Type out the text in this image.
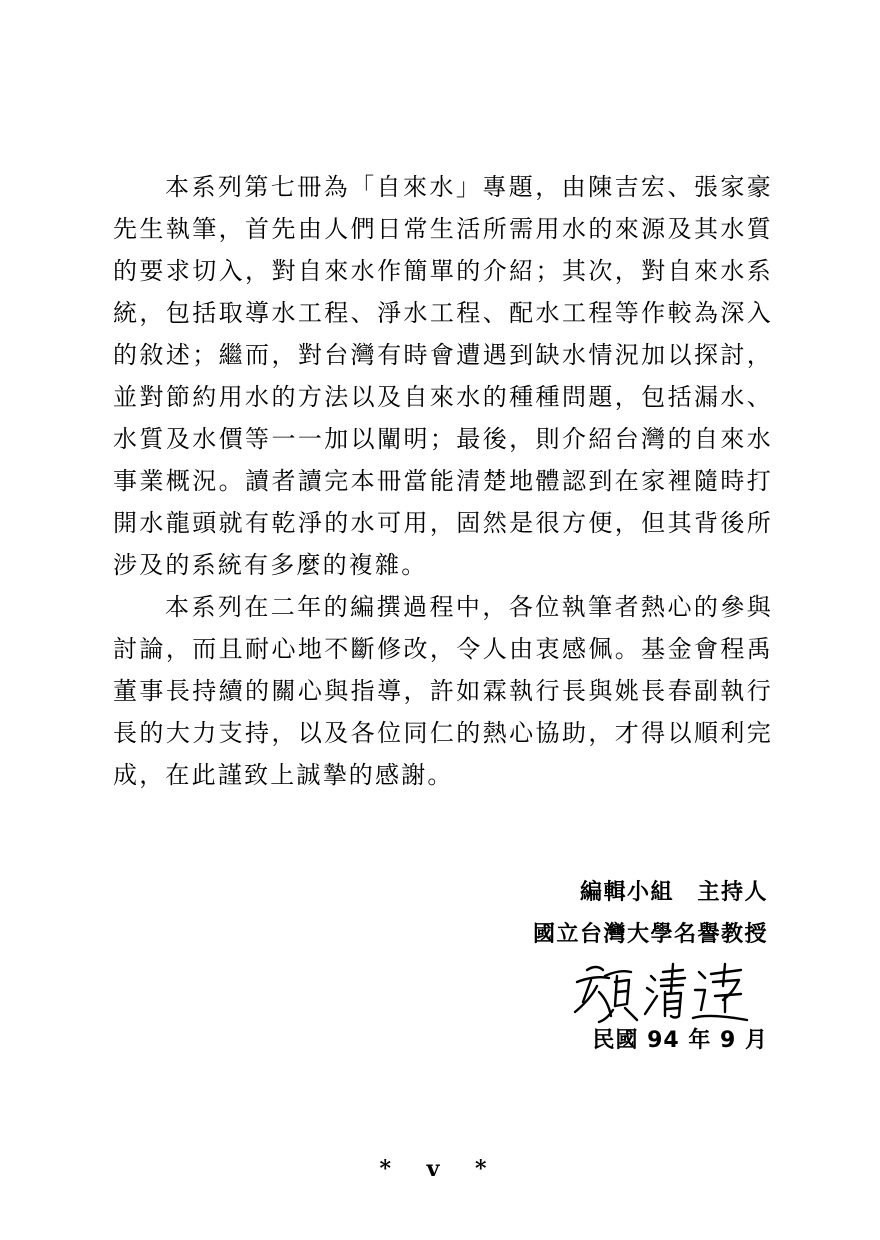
本系列第七冊為「自來水」專題，由陳吉宏、張家豪先生執筆，首先由人們日常生活所需用水的來源及其水質的要求切入，對自來水作簡單的介紹；其次，對自來水系統，包括取導水工程、淨水工程、配水工程等作較為深入的敘述；繼而，對台灣有時會遭遇到缺水情況加以探討，並對節約用水的方法以及自來水的種種問題，包括漏水、水質及水價等一一加以闡明；最後，則介紹台灣的自來水事業概況。讀者讀完本冊當能清楚地體認到在家裡隨時打開水龍頭就有乾淨的水可用，固然是很方便，但其背後所涉及的系統有多麼的複雜。

本系列在二年的編撰過程中，各位執筆者熱心的參與討論，而且耐心地不斷修改，令人由衷感佩。基金會程禹董事長持續的關心與指導，許如霖執行長與姚長春副執行長的大力支持，以及各位同仁的熱心協助，才得以順利完成，在此謹致上誠摯的感謝。

編輯小組　主持人
國立台灣大學名譽教授
民國 94 年 9 月
* v *
